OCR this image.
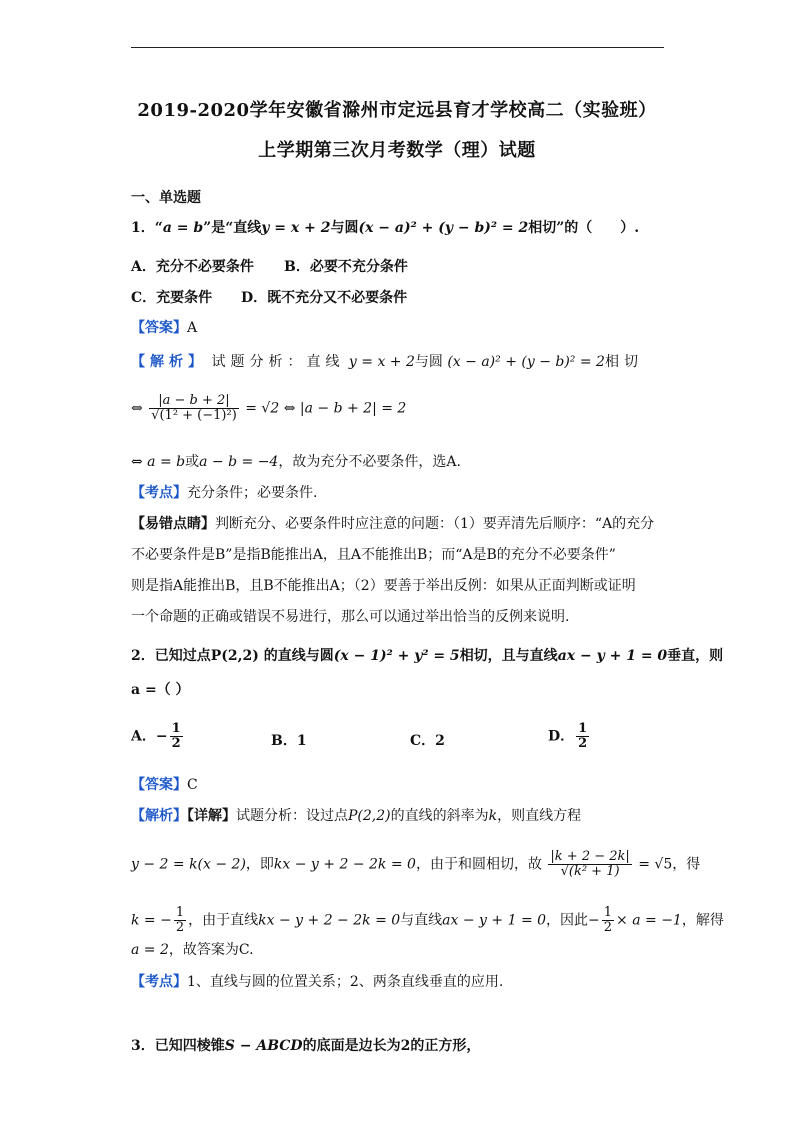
2019-2020学年安徽省滁州市定远县育才学校高二（实验班）
上学期第三次月考数学（理）试题
一、单选题
1．“a = b”是“直线y = x + 2与圆(x − a)² + (y − b)² = 2相切”的（　　）.
A．充分不必要条件 B．必要不充分条件
C．充要条件 D．既不充分又不必要条件
【答案】A
【解析】 试题分析：直线 y = x + 2与圆 (x − a)² + (y − b)² = 2相切
⇔ $\frac{|a - b + 2|}{\text{√(1² + (−1)²)}} = √2$ ⇔ |a − b + 2| = 2
⇔ a = b或a − b = −4，故为充分不必要条件，选A.
【考点】充分条件；必要条件.
【易错点睛】判断充分、必要条件时应注意的问题：（1）要弄清先后顺序：“A的充分
不必要条件是B”是指B能推出A，且A不能推出B；而“A是B的充分不必要条件”
则是指A能推出B，且B不能推出A；（2）要善于举出反例：如果从正面判断或证明
一个命题的正确或错误不易进行，那么可以通过举出恰当的反例来说明.
2．已知过点P(2,2) 的直线与圆(x − 1)² + y² = 5相切，且与直线ax − y + 1 = 0垂直，则
a =（ ）
A．− $\frac{1}{2}$	B．1	C．2	D． $\frac{1}{2}$
【答案】C
【解析】【详解】试题分析：设过点P(2,2)的直线的斜率为k，则直线方程
y − 2 = k(x − 2)，即kx − y + 2 − 2k = 0，由于和圆相切，故 $\frac{|k + 2 - 2k|}{\text{√(k² + 1)}} = √5$，得
k = − $\frac{1}{2}$ ，由于直线kx − y + 2 − 2k = 0与直线ax − y + 1 = 0，因此− $\frac{1}{2} \times a = -1$，解得
a = 2，故答案为C.
【考点】1、直线与圆的位置关系；2、两条直线垂直的应用.
3．已知四棱锥S − ABCD的底面是边长为2的正方形，
